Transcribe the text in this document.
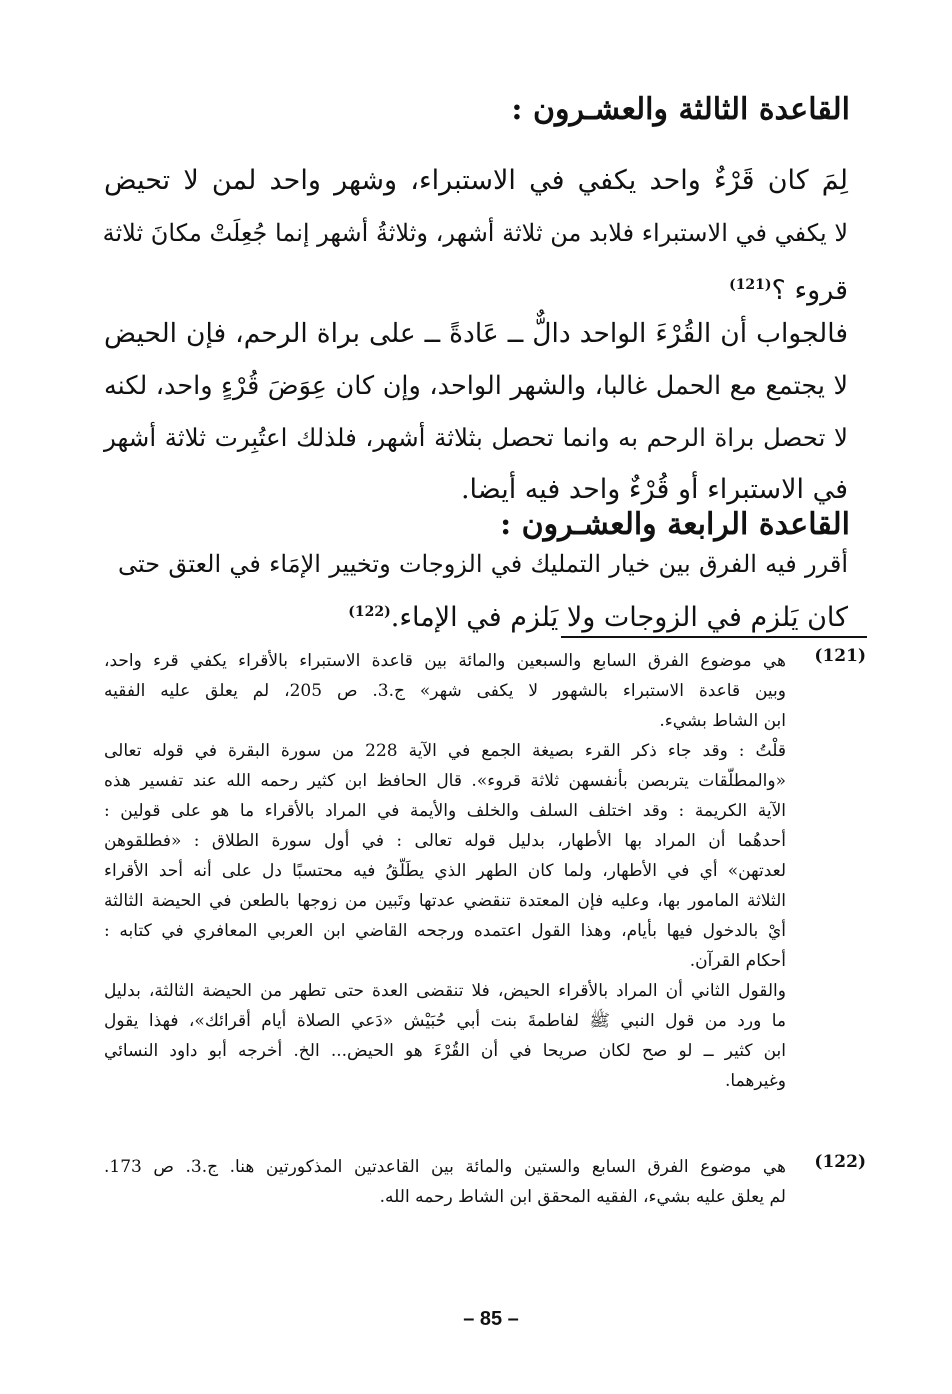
القاعدة الثالثة والعشـرون :
لِمَ كان قَرْءٌ واحد يكفي في الاستبراء، وشهر واحد لمن لا تحيض
لا يكفي في الاستبراء فلابد من ثلاثة أشهر، وثلاثةُ أشهر إنما جُعِلَتْ مكانَ ثلاثة
قروء ؟$^{(121)}$
فالجواب أن القُرْءَ الواحد دالٌّ ــ عَادةً ــ على براة الرحم، فإن الحيض
لا يجتمع مع الحمل غالبا، والشهر الواحد، وإن كان عِوَضَ قُرْءٍ واحد، لكنه
لا تحصل براة الرحم به وانما تحصل بثلاثة أشهر، فلذلك اعتُبِرت ثلاثة أشهر
في الاستبراء أو قُرْءٌ واحد فيه أيضا.
القاعدة الرابعة والعشـرون :
أقرر فيه الفرق بين خيار التمليك في الزوجات وتخيير الإمَاء في العتق حتى
كان يَلزم في الزوجات ولا يَلزم في الإماء.$^{(122)}$
(121)
هي موضوع الفرق السابع والسبعين والمائة بين قاعدة الاستبراء بالأقراء يكفي قرء واحد،
وبين قاعدة الاستبراء بالشهور لا يكفى شهر» ج.3. ص 205، لم يعلق عليه الفقيه
ابن الشاط بشيء.
قلْتُ : وقد جاء ذكر القرء بصيغة الجمع في الآية 228 من سورة البقرة في قوله تعالى
«والمطلّقات يتربصن بأنفسهن ثلاثة قروء». قال الحافظ ابن كثير رحمه الله عند تفسير هذه
الآية الكريمة : وقد اختلف السلف والخلف والأيمة في المراد بالأقراء ما هو على قولين :
أحدهُما أن المراد بها الأطهار، بدليل قوله تعالى : في أول سورة الطلاق : «فطلقوهن
لعدتهن» أي في الأطهار، ولما كان الطهر الذي يطَلّقُ فيه محتسبًا دل على أنه أحد الأقراء
الثلاثة المامور بها، وعليه فإن المعتدة تنقضي عدتها وتَبين من زوجها بالطعن في الحيضة الثالثة
أيْ بالدخول فيها بأيام، وهذا القول اعتمده ورجحه القاضي ابن العربي المعافري في كتابه :
أحكام القرآن.
والقول الثاني أن المراد بالأقراء الحيض، فلا تنقضى العدة حتى تطهر من الحيضة الثالثة، بدليل
ما ورد من قول النبي ﷺ لفاطمةَ بنت أبي حُبَيْش «دَعي الصلاة أيام أقرائك»، فهذا يقول
ابن كثير ــ لو صح لكان صريحا في أن القُرْءَ هو الحيض... الخ. أخرجه أبو داود النسائي
وغيرهما.
(122)
هي موضوع الفرق السابع والستين والمائة بين القاعدتين المذكورتين هنا. ج.3. ص 173.
لم يعلق عليه بشيء، الفقيه المحقق ابن الشاط رحمه الله.
– 85 –
